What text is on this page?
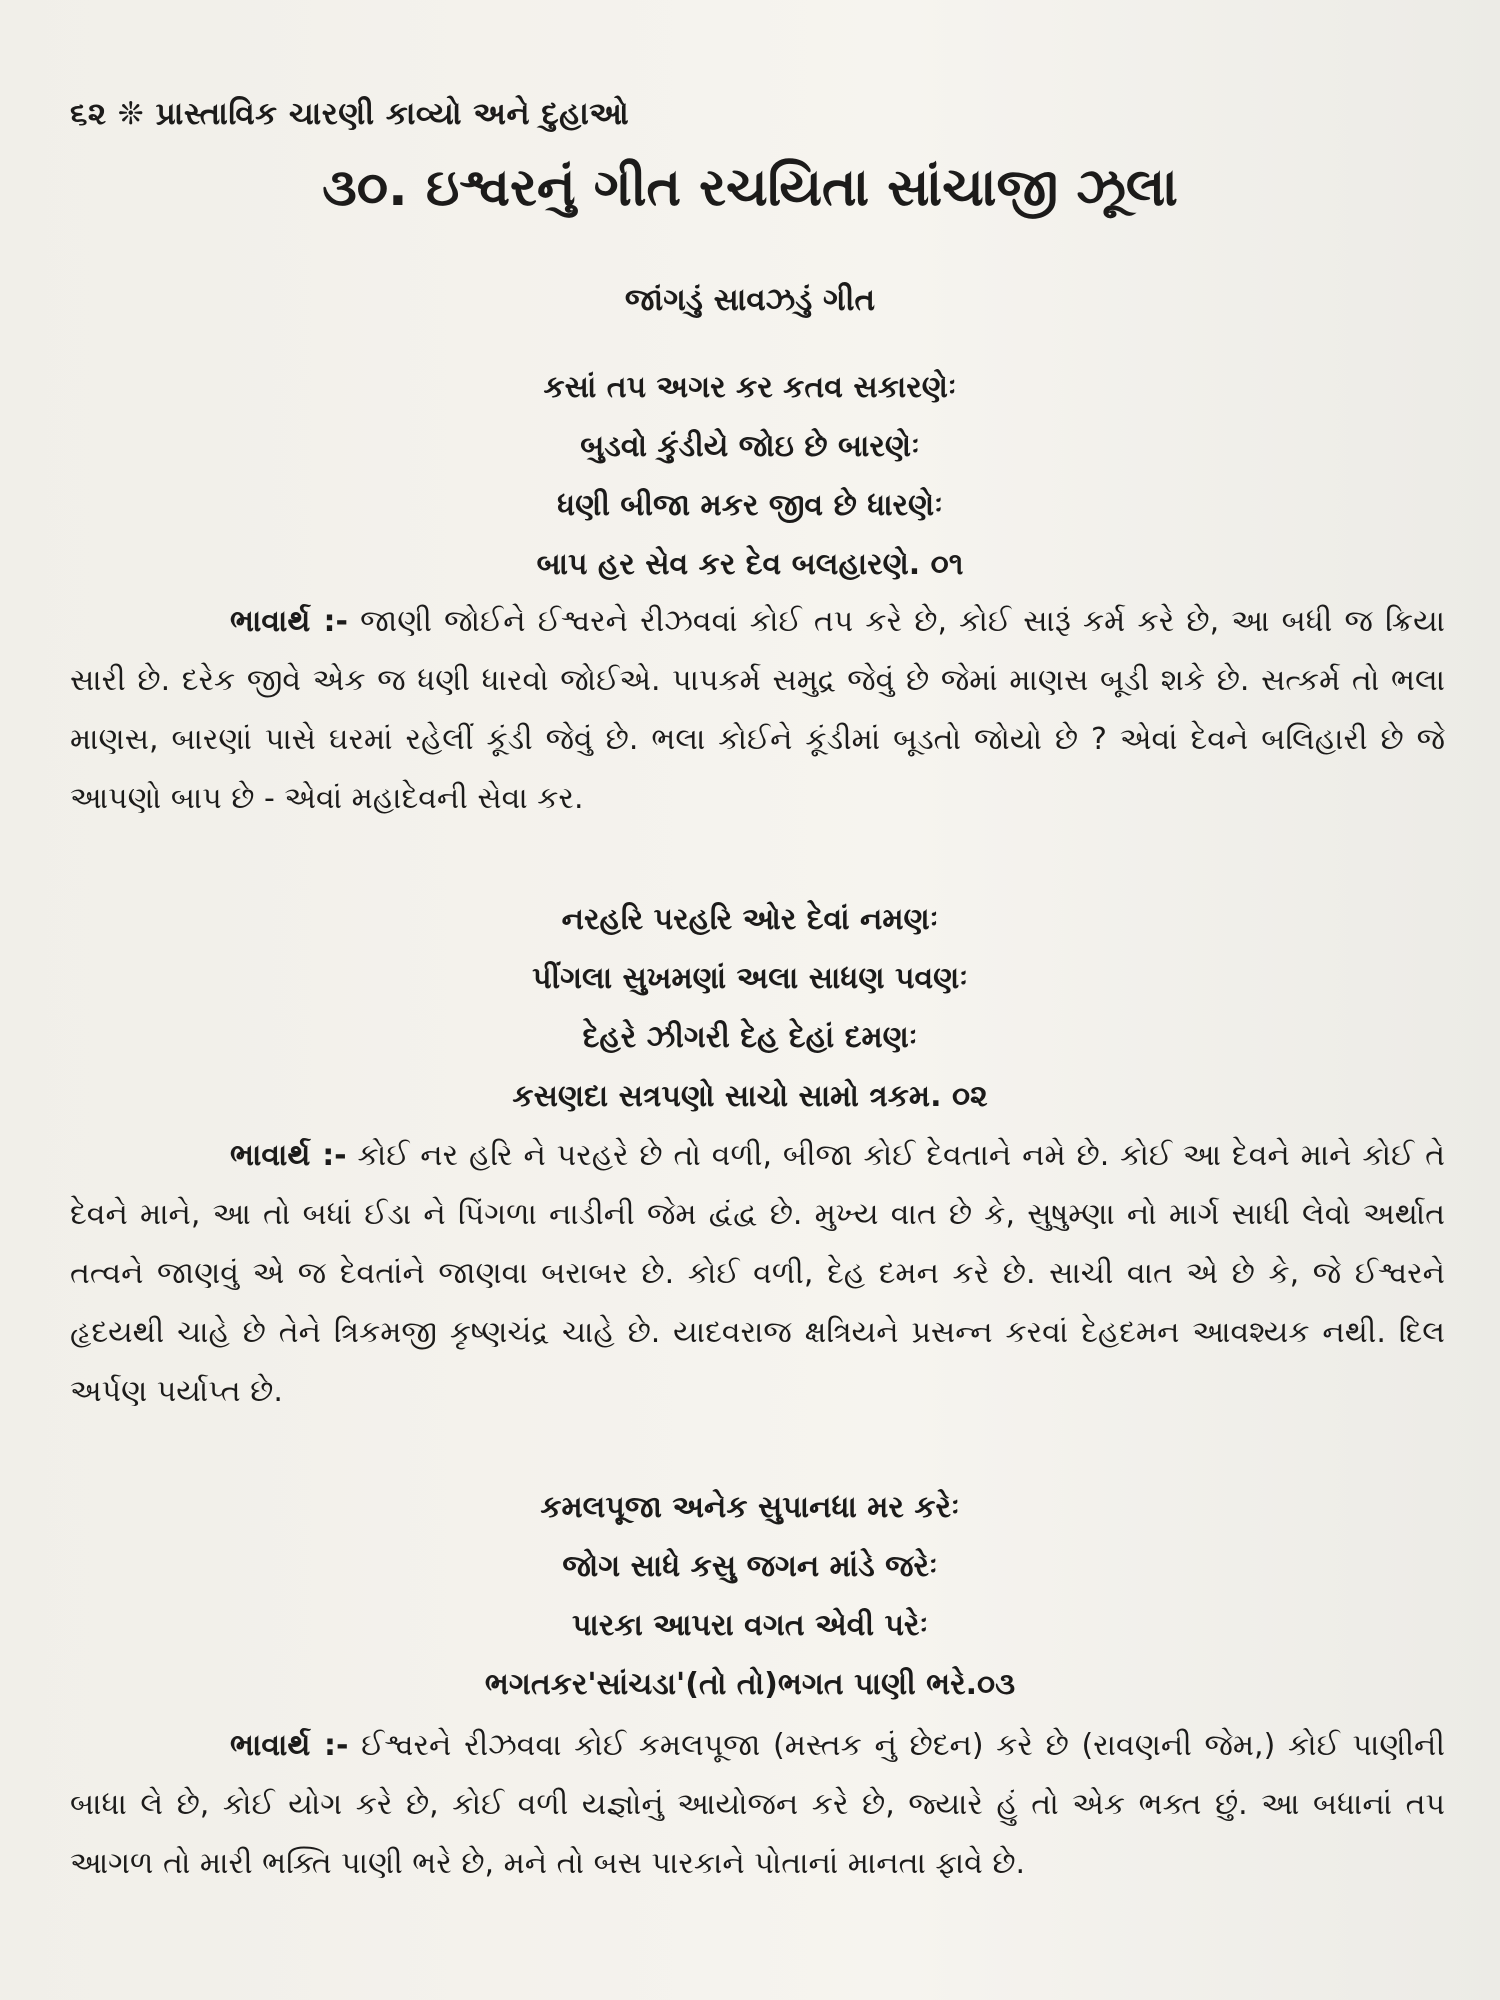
૬૨ ❊ પ્રાસ્તાવિક ચારણી કાવ્યો અને દુહાઓ
૩૦. ઇશ્વરનું ગીત રચયિતા સાંચાજી ઝૂલા
જાંગડું સાવઝડું ગીત
કસાં તપ અગર કર કતવ સકારણેઃ
બુડવો કુંડીયે જોઇ છે બારણેઃ
ધણી બીજા મકર જીવ છે ધારણેઃ
બાપ હર સેવ કર દેવ બલહારણે. ૦૧
ભાવાર્થ :- જાણી જોઈને ઈશ્વરને રીઝવવાં કોઈ તપ કરે છે, કોઈ સારૂં કર્મ કરે છે, આ બધી જ ક્રિયા સારી છે. દરેક જીવે એક જ ધણી ધારવો જોઈએ. પાપકર્મ સમુદ્ર જેવું છે જેમાં માણસ બૂડી શકે છે. સત્કર્મ તો ભલા માણસ, બારણાં પાસે ઘરમાં રહેલીં કૂંડી જેવું છે. ભલા કોઈને કૂંડીમાં બૂડતો જોયો છે ? એવાં દેવને બલિહારી છે જે આપણો બાપ છે - એવાં મહાદેવની સેવા કર.
નરહરિ પરહરિ ઓર દેવાં નમણઃ
પીંગલા સુખમણાં અલા સાધણ પવણઃ
દેહરે ઝીગરી દેહ દેહાં દમણઃ
કસણદા સત્રપણો સાચો સામો ત્રકમ. ૦૨
ભાવાર્થ :- કોઈ નર હરિ ને પરહરે છે તો વળી, બીજા કોઈ દેવતાને નમે છે. કોઈ આ દેવને માને કોઈ તે દેવને માને, આ તો બધાં ઈડા ને પિંગળા નાડીની જેમ દ્વંદ્વ છે. મુખ્ય વાત છે કે, સુષુમ્ણા નો માર્ગ સાધી લેવો અર્થાત તત્વને જાણવું એ જ દેવતાંને જાણવા બરાબર છે. કોઈ વળી, દેહ દમન કરે છે. સાચી વાત એ છે કે, જે ઈશ્વરને હૃદયથી ચાહે છે તેને ત્રિકમજી કૃષ્ણચંદ્ર ચાહે છે. યાદવરાજ ક્ષત્રિયને પ્રસન્ન કરવાં દેહદમન આવશ્યક નથી. દિલ અર્પણ પર્યાપ્ત છે.
કમલપૂજા અનેક સુપાનધા મર કરેઃ
જોગ સાધે કસુ જગન માંડે જરેઃ
પારકા આપરા વગત એવી પરેઃ
ભગતકર'સાંચડા'(તો તો)ભગત પાણી ભરે.૦૩
ભાવાર્થ :- ઈશ્વરને રીઝવવા કોઈ કમલપૂજા (મસ્તક નું છેદન) કરે છે (રાવણની જેમ,) કોઈ પાણીની બાધા લે છે, કોઈ યોગ કરે છે, કોઈ વળી યજ્ઞોનું આયોજન કરે છે, જ્યારે હું તો એક ભક્ત છું. આ બધાનાં તપ આગળ તો મારી ભક્તિ પાણી ભરે છે, મને તો બસ પારકાને પોતાનાં માનતા ફાવે છે.
